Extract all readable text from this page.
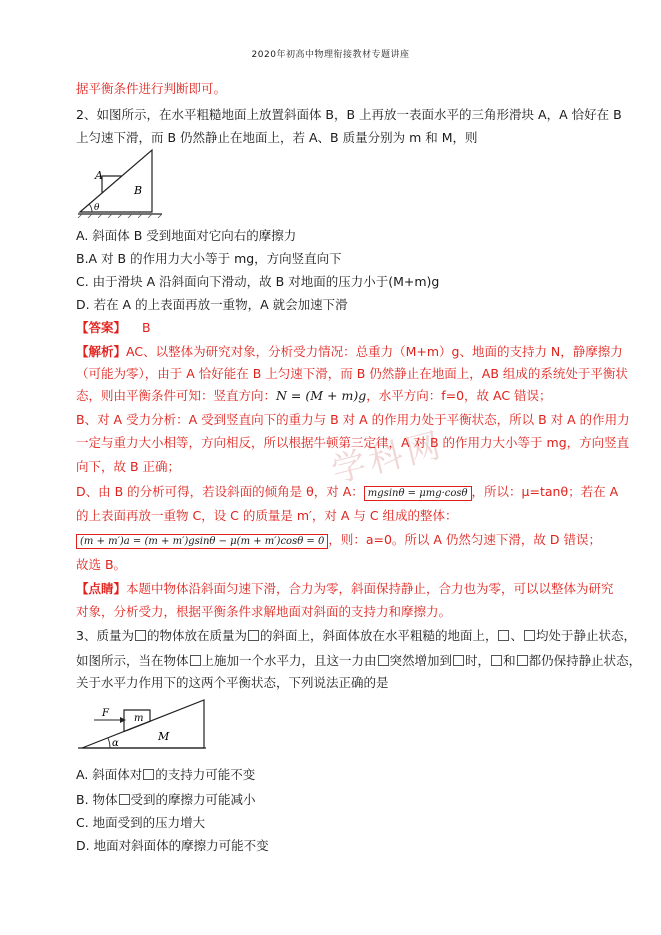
2020年初高中物理衔接教材专题讲座
学科网
据平衡条件进行判断即可。
2、如图所示，在水平粗糙地面上放置斜面体 B，B 上再放一表面水平的三角形滑块 A，A 恰好在 B
上匀速下滑，而 B 仍然静止在地面上，若 A、B 质量分别为 m 和 M，则
A
B
θ
A. 斜面体 B 受到地面对它向右的摩擦力
B.A 对 B 的作用力大小等于 mg，方向竖直向下
C. 由于滑块 A 沿斜面向下滑动，故 B 对地面的压力小于(M+m)g
D. 若在 A 的上表面再放一重物，A 就会加速下滑
【答案】 B
【解析】AC、以整体为研究对象，分析受力情况：总重力（M+m）g、地面的支持力 N，静摩擦力
（可能为零），由于 A 恰好能在 B 上匀速下滑，而 B 仍然静止在地面上，AB 组成的系统处于平衡状
态，则由平衡条件可知：竖直方向：N = (M + m)g，水平方向：f=0，故 AC 错误；
B、对 A 受力分析：A 受到竖直向下的重力与 B 对 A 的作用力处于平衡状态，所以 B 对 A 的作用力
一定与重力大小相等，方向相反，所以根据牛顿第三定律，A 对 B 的作用力大小等于 mg，方向竖直
向下，故 B 正确；
D、由 B 的分析可得，若设斜面的倾角是 θ，对 A： mgsinθ = μmg·cosθ ，所以：μ=tanθ；若在 A
的上表面再放一重物 C，设 C 的质量是 m′，对 A 与 C 组成的整体：
(m + m′)a = (m + m′)gsinθ − μ(m + m′)cosθ = 0 ，则：a=0。所以 A 仍然匀速下滑，故 D 错误；
故选 B。
【点睛】本题中物体沿斜面匀速下滑，合力为零，斜面保持静止，合力也为零，可以以整体为研究
对象，分析受力，根据平衡条件求解地面对斜面的支持力和摩擦力。
3、质量为 的物体放在质量为 的斜面上，斜面体放在水平粗糙的地面上， 、 均处于静止状态，
如图所示，当在物体 上施加一个水平力，且这一力由 突然增加到 时， 和 都仍保持静止状态，
关于水平力作用下的这两个平衡状态，下列说法正确的是
F	m
M
α
A. 斜面体对 的支持力可能不变
B. 物体 受到的摩擦力可能减小
C. 地面受到的压力增大
D. 地面对斜面体的摩擦力可能不变
